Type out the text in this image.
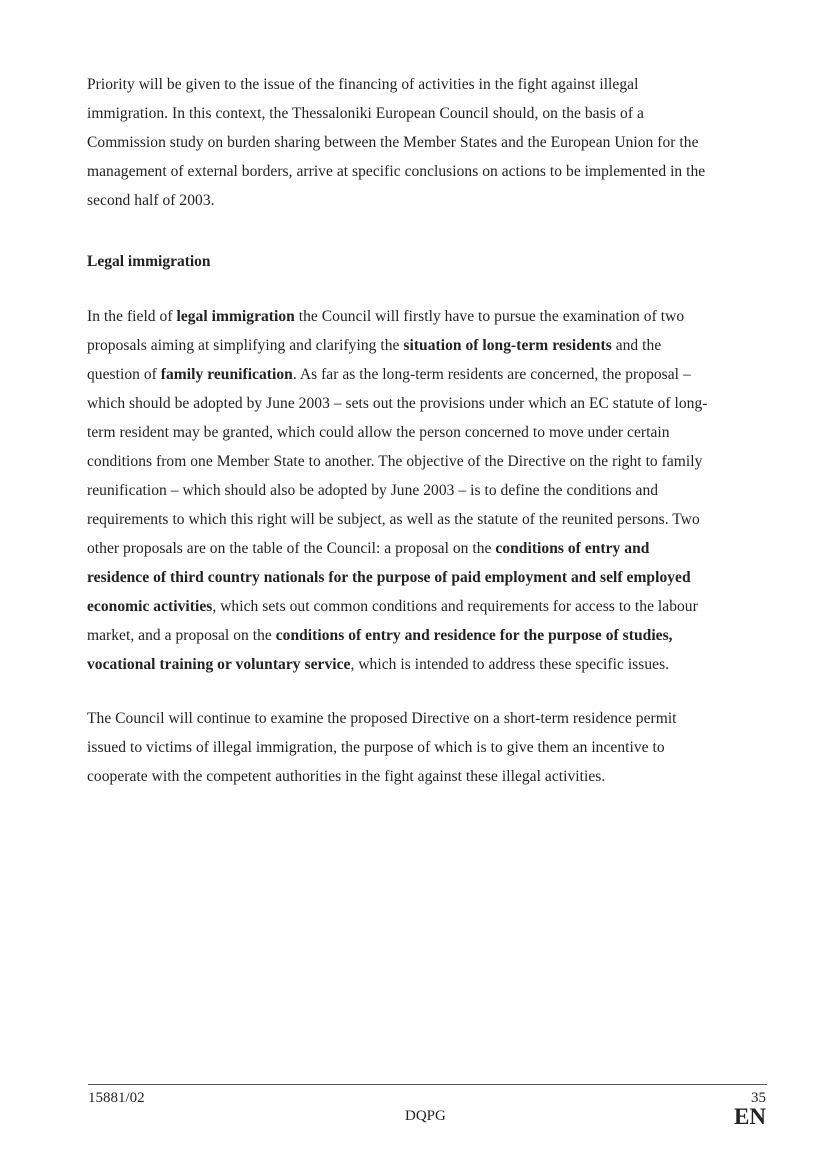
Priority will be given to the issue of the financing of activities in the fight against illegal
immigration. In this context, the Thessaloniki European Council should, on the basis of a
Commission study on burden sharing between the Member States and the European Union for the
management of external borders, arrive at specific conclusions on actions to be implemented in the
second half of 2003.
Legal immigration
In the field of legal immigration the Council will firstly have to pursue the examination of two
proposals aiming at simplifying and clarifying the situation of long-term residents and the
question of family reunification. As far as the long-term residents are concerned, the proposal –
which should be adopted by June 2003 – sets out the provisions under which an EC statute of long-
term resident may be granted, which could allow the person concerned to move under certain
conditions from one Member State to another. The objective of the Directive on the right to family
reunification – which should also be adopted by June 2003 – is to define the conditions and
requirements to which this right will be subject, as well as the statute of the reunited persons. Two
other proposals are on the table of the Council: a proposal on the conditions of entry and
residence of third country nationals for the purpose of paid employment and self employed
economic activities, which sets out common conditions and requirements for access to the labour
market, and a proposal on the conditions of entry and residence for the purpose of studies,
vocational training or voluntary service, which is intended to address these specific issues.
The Council will continue to examine the proposed Directive on a short-term residence permit
issued to victims of illegal immigration, the purpose of which is to give them an incentive to
cooperate with the competent authorities in the fight against these illegal activities.
15881/02
DQPG
35
EN
